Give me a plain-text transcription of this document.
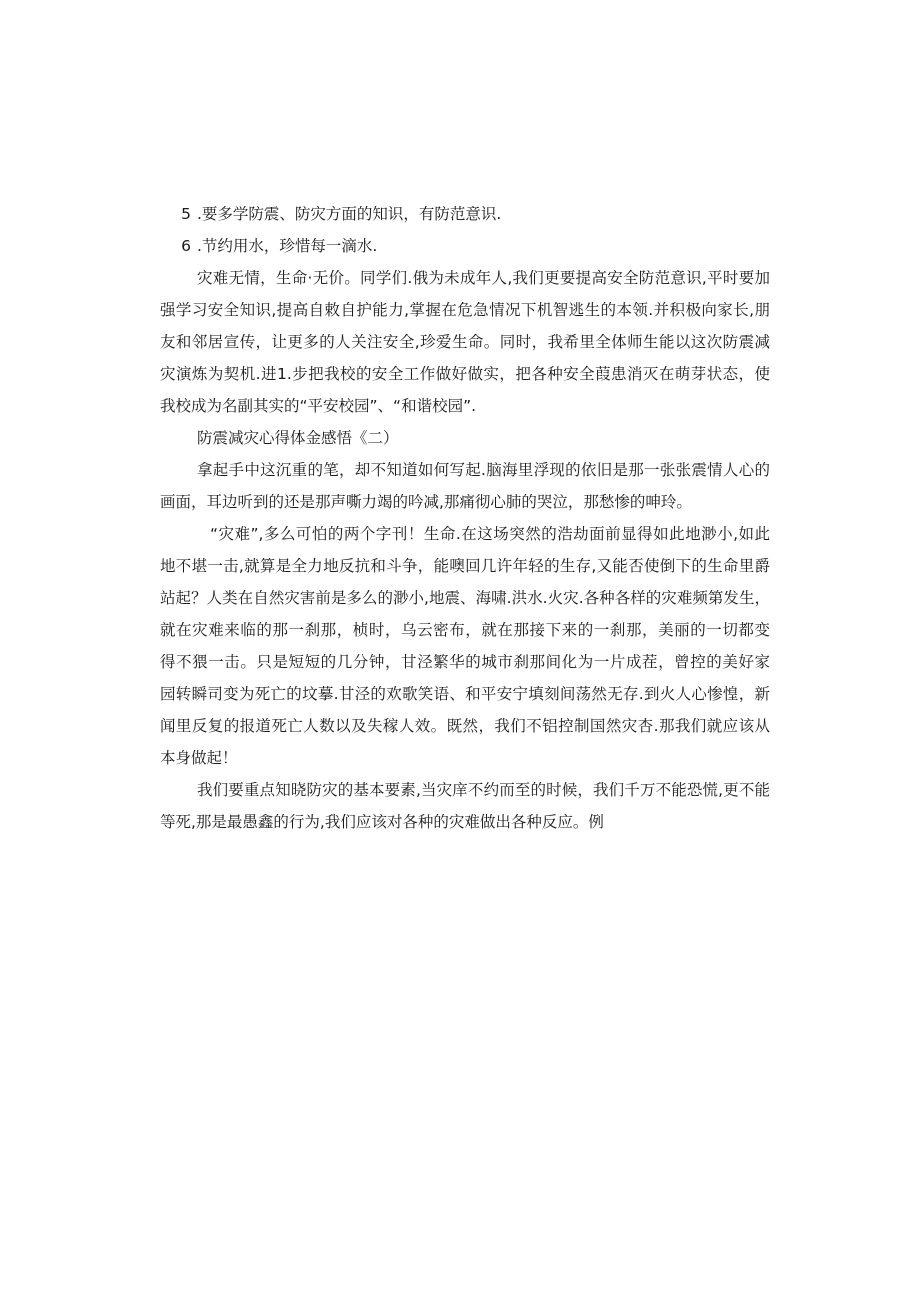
5 .要多学防震、防灾方面的知识，有防范意识.
6 .节约用水，珍惜每一滴水.
灾难无情，生命·无价。同学们.俄为未成年人,我们更要提高安全防范意识,平时要加
强学习安全知识,提高自敕自护能力,掌握在危急情况下机智逃生的本领.并积极向家长,朋
友和邻居宣传，让更多的人关注安全,珍爱生命。同时，我希里全体师生能以这次防震减
灾演炼为契机.进1.步把我校的安全工作做好做实，把各种安全葭患消灭在萌芽状态，使
我校成为名副其实的“平安校园”、“和谐校园”.
防震减灾心得体金感悟《二）
拿起手中这沉重的笔，却不知道如何写起.脑海里浮现的依旧是那一张张震情人心的
画面，耳边听到的还是那声嘶力竭的吟减,那痛彻心肺的哭泣，那愁惨的呻玲。
“灾难”,多么可怕的两个字刊！生命.在这场突然的浩劫面前显得如此地渺小,如此
地不堪一击,就算是全力地反抗和斗争，能噢回几许年轻的生存,又能否使倒下的生命里爵
站起？人类在自然灾害前是多么的渺小,地震、海啸.洪水.火灾.各种各样的灾难频第发生，
就在灾难来临的那一刹那，桢时，乌云密布，就在那接下来的一刹那，美丽的一切都变
得不猥一击。只是短短的几分钟，甘泾繁华的城市刹那间化为一片成茬，曾控的美好家
园转瞬司变为死亡的坟摹.甘泾的欢歌笑语、和平安宁填刻间荡然无存.到火人心惨惶，新
闻里反复的报道死亡人数以及失稼人效。既然，我们不铝控制国然灾杏.那我们就应该从
本身做起！
我们要重点知晓防灾的基本要素,当灾庠不约而至的时候，我们千万不能恐慌,更不能
等死,那是最愚鑫的行为,我们应该对各种的灾难做出各种反应。例
